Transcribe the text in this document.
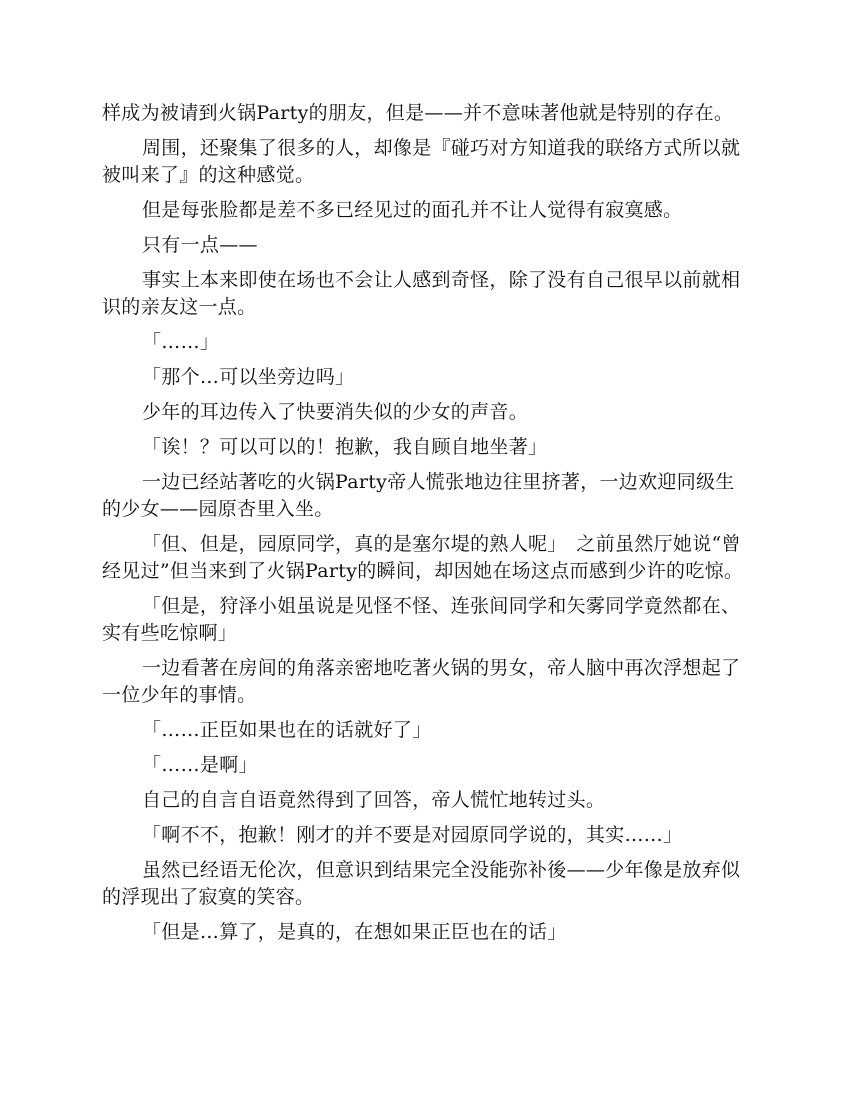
样成为被请到火锅Party的朋友，但是——并不意味著他就是特别的存在。

周围，还聚集了很多的人，却像是『碰巧对方知道我的联络方式所以就被叫来了』的这种感觉。

但是每张脸都是差不多已经见过的面孔并不让人觉得有寂寞感。

只有一点——

事实上本来即使在场也不会让人感到奇怪，除了没有自己很早以前就相识的亲友这一点。

「……」

「那个…可以坐旁边吗」

少年的耳边传入了快要消失似的少女的声音。

「诶！？可以可以的！抱歉，我自顾自地坐著」

一边已经站著吃的火锅Party帝人慌张地边往里挤著，一边欢迎同级生的少女——园原杏里入坐。

「但、但是，园原同学，真的是塞尔堤的熟人呢」　之前虽然厅她说“曾经见过”但当来到了火锅Party的瞬间，却因她在场这点而感到少许的吃惊。

「但是，狩泽小姐虽说是见怪不怪、连张间同学和矢雾同学竟然都在、实有些吃惊啊」

一边看著在房间的角落亲密地吃著火锅的男女，帝人脑中再次浮想起了一位少年的事情。

「……正臣如果也在的话就好了」

「……是啊」

自己的自言自语竟然得到了回答，帝人慌忙地转过头。

「啊不不，抱歉！刚才的并不要是对园原同学说的，其实……」

虽然已经语无伦次，但意识到结果完全没能弥补後——少年像是放弃似的浮现出了寂寞的笑容。

「但是…算了，是真的，在想如果正臣也在的话」
